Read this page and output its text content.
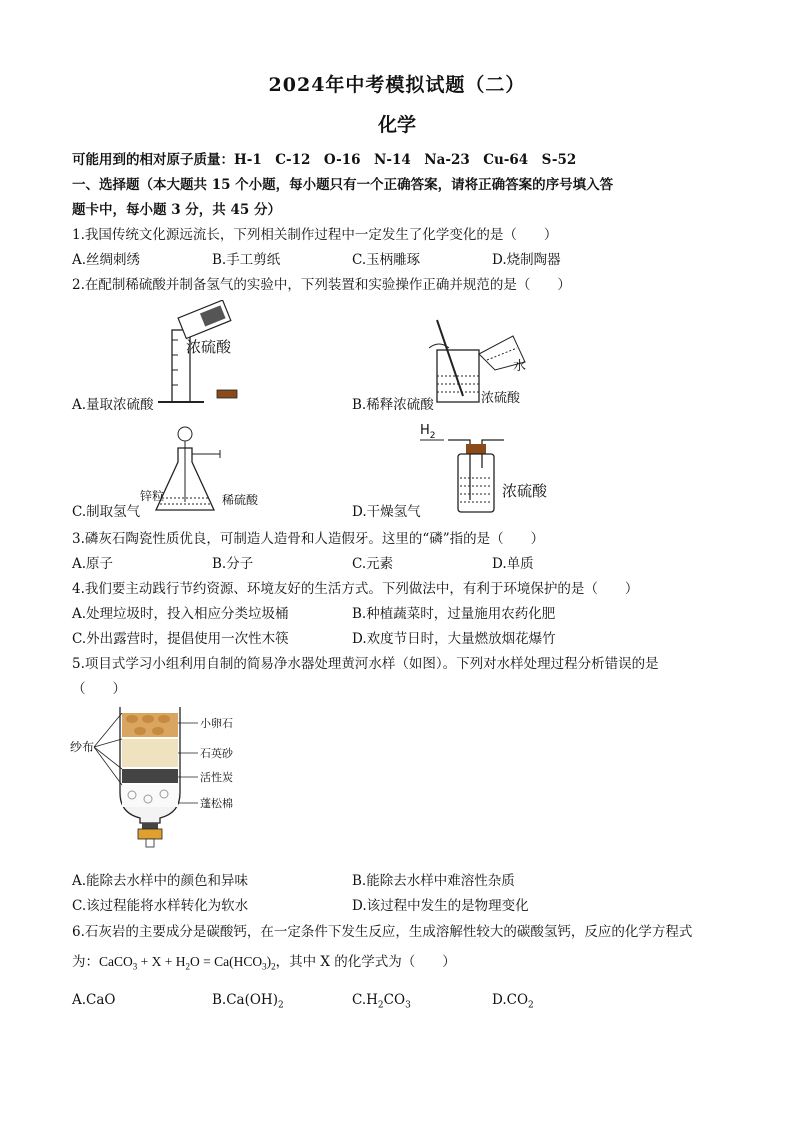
2024年中考模拟试题（二）
化学
可能用到的相对原子质量：H-1　C-12　O-16　N-14　Na-23　Cu-64　S-52
一、选择题（本大题共 15 个小题，每小题只有一个正确答案，请将正确答案的序号填入答
题卡中，每小题 3 分，共 45 分）
1.我国传统文化源远流长，下列相关制作过程中一定发生了化学变化的是（　　）
A.丝绸刺绣	B.手工剪纸	C.玉柄雕琢	D.烧制陶器
2.在配制稀硫酸并制备氢气的实验中，下列装置和实验操作正确并规范的是（　　）
浓硫酸
A.量取浓硫酸
水
浓硫酸
B.稀释浓硫酸
锌粒	稀硫酸
C.制取氢气
$H_2$
浓硫酸
D.干燥氢气
3.磷灰石陶瓷性质优良，可制造人造骨和人造假牙。这里的“磷”指的是（　　）
A.原子	B.分子	C.元素	D.单质
4.我们要主动践行节约资源、环境友好的生活方式。下列做法中，有利于环境保护的是（　　）
A.处理垃圾时，投入相应分类垃圾桶	B.种植蔬菜时，过量施用农药化肥
C.外出露营时，提倡使用一次性木筷	D.欢度节日时，大量燃放烟花爆竹
5.项目式学习小组利用自制的简易净水器处理黄河水样（如图）。下列对水样处理过程分析错误的是
（　　）
纱布
小卵石
石英砂
活性炭
蓬松棉
A.能除去水样中的颜色和异味	B.能除去水样中难溶性杂质
C.该过程能将水样转化为软水	D.该过程中发生的是物理变化
6.石灰岩的主要成分是碳酸钙，在一定条件下发生反应，生成溶解性较大的碳酸氢钙，反应的化学方程式
为：CaCO$_3$ + $X + H_2O = Ca(HCO_3)_2$，其中 X 的化学式为（　　）
A.CaO	$B.Ca(OH)_2$	$C.H_2CO_3$	$D.CO_2$
